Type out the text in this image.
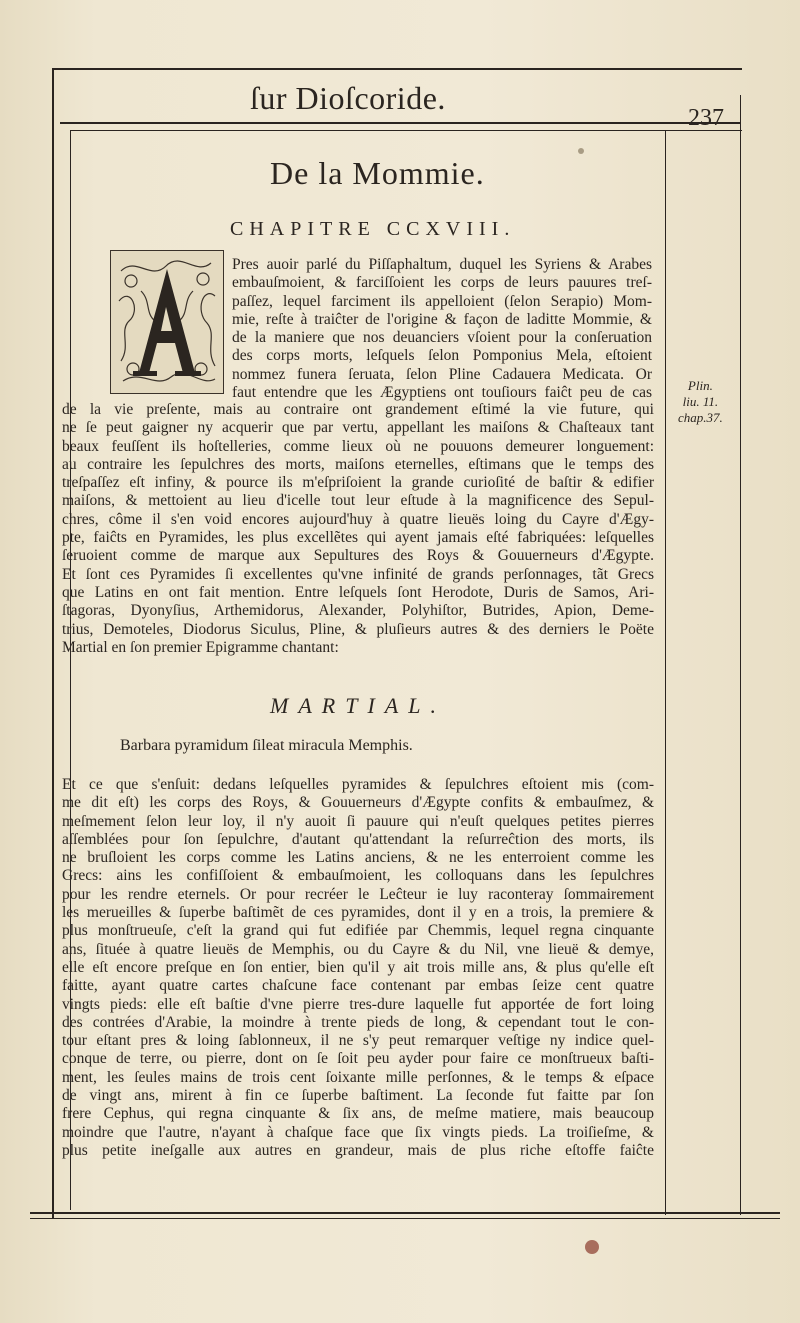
ſur Dioſcoride.
237
De la Mommie.
CHAPITRE CCXVIII.
Pres auoir parlé du Piſſaphaltum, duquel les Syriens & Arabes
embauſmoient, & farciſſoient les corps de leurs pauures treſ-
paſſez, lequel farciment ils appelloient (ſelon Serapio) Mom-
mie, reſte à traiĉter de l'origine & façon de laditte Mommie, &
de la maniere que nos deuanciers vſoient pour la conſeruation
des corps morts, leſquels ſelon Pomponius Mela, eſtoient
nommez funera ſeruata, ſelon Pline Cadauera Medicata. Or
faut entendre que les Ægyptiens ont touſiours faiĉt peu de cas
de la vie preſente, mais au contraire ont grandement eſtimé la vie future, qui
ne ſe peut gaigner ny acquerir que par vertu, appellant les maiſons & Chaſteaux tant
beaux feuſſent ils hoſtelleries, comme lieux où ne pouuons demeurer longuement:
au contraire les ſepulchres des morts, maiſons eternelles, eſtimans que le temps des
treſpaſſez eſt infiny, & pource ils m'eſpriſoient la grande curioſité de baſtir & edifier
maiſons, & mettoient au lieu d'icelle tout leur eſtude à la magnificence des Sepul-
chres, côme il s'en void encores aujourd'huy à quatre lieuës loing du Cayre d'Ægy-
pte, faiĉts en Pyramides, les plus excellẽtes qui ayent jamais eſté fabriquées: leſquelles
ſeruoient comme de marque aux Sepultures des Roys & Gouuerneurs d'Ægypte.
Et ſont ces Pyramides ſi excellentes qu'vne infinité de grands perſonnages, tãt Grecs
que Latins en ont fait mention. Entre leſquels ſont Herodote, Duris de Samos, Ari-
ſtagoras, Dyonyſius, Arthemidorus, Alexander, Polyhiſtor, Butrides, Apion, Deme-
trius, Demoteles, Diodorus Siculus, Pline, & pluſieurs autres & des derniers le Poëte
Martial en ſon premier Epigramme chantant:
Plin.
liu. 11.
chap.37.
MARTIAL.
Barbara pyramidum ſileat miracula Memphis.
Et ce que s'enſuit: dedans leſquelles pyramides & ſepulchres eſtoient mis (com-
me dit eſt) les corps des Roys, & Gouuerneurs d'Ægypte confits & embauſmez, &
meſmement ſelon leur loy, il n'y auoit ſi pauure qui n'euſt quelques petites pierres
aſſemblées pour ſon ſepulchre, d'autant qu'attendant la reſurreĉtion des morts, ils
ne bruſloient les corps comme les Latins anciens, & ne les enterroient comme les
Grecs: ains les confiſſoient & embauſmoient, les colloquans dans les ſepulchres
pour les rendre eternels. Or pour recréer le Leĉteur ie luy raconteray ſommairement
les merueilles & ſuperbe baſtimẽt de ces pyramides, dont il y en a trois, la premiere &
plus monſtrueuſe, c'eſt la grand qui fut edifiée par Chemmis, lequel regna cinquante
ans, ſituée à quatre lieuës de Memphis, ou du Cayre & du Nil, vne lieuë & demye,
elle eſt encore preſque en ſon entier, bien qu'il y ait trois mille ans, & plus qu'elle eſt
faitte, ayant quatre cartes chaſcune face contenant par embas ſeize cent quatre
vingts pieds: elle eſt baſtie d'vne pierre tres-dure laquelle fut apportée de fort loing
des contrées d'Arabie, la moindre à trente pieds de long, & cependant tout le con-
tour eſtant pres & loing ſablonneux, il ne s'y peut remarquer veſtige ny indice quel-
conque de terre, ou pierre, dont on ſe ſoit peu ayder pour faire ce monſtrueux baſti-
ment, les ſeules mains de trois cent ſoixante mille perſonnes, & le temps & eſpace
de vingt ans, mirent à fin ce ſuperbe baſtiment. La ſeconde fut faitte par ſon
frere Cephus, qui regna cinquante & ſix ans, de meſme matiere, mais beaucoup
moindre que l'autre, n'ayant à chaſque face que ſix vingts pieds. La troiſieſme, &
plus petite ineſgalle aux autres en grandeur, mais de plus riche eſtoffe faiĉte
